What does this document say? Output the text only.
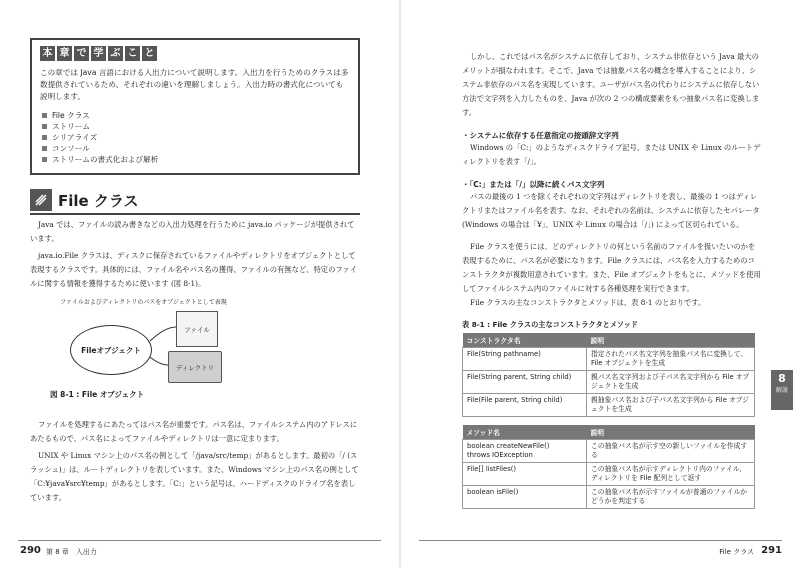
本 章 で 学 ぶ こ と
この章では Java 言語における入出力について説明します。入出力を行うためのクラスは多数提供されているため、それぞれの違いを理解しましょう。入出力時の書式化についても説明します。
File クラス
ストリーム
シリアライズ
コンソール
ストリームの書式化および解析
File クラス

Java では、ファイルの読み書きなどの入出力処理を行うために java.io パッケージが提供されています。

java.io.File クラスは、ディスクに保存されているファイルやディレクトリをオブジェクトとして表現するクラスです。具体的には、ファイル名やパス名の獲得、ファイルの有無など、特定のファイルに関する情報を獲得するために使います (図 8-1)。

ファイルおよびディレクトリのパスをオブジェクトとして表現
Fileオブジェクト
ファイル
ディレクトリ
図 8-1 : File オブジェクト

ファイルを処理するにあたってはパス名が重要です。パス名は、ファイルシステム内のアドレスにあたるもので、パス名によってファイルやディレクトリは一意に定まります。

UNIX や Linux マシン上のパス名の例として「/java/src/temp」があるとします。最初の「/ (スラッシュ)」は、ルートディレクトリを表しています。また、Windows マシン上のパス名の例として「C:¥java¥src¥temp」があるとします。「C:」という記号は、ハードディスクのドライブ名を表しています。

290 第 8 章　入出力

しかし、これではパス名がシステムに依存しており、システム非依存という Java 最大のメリットが損なわれます。そこで、Java では抽象パス名の概念を導入することにより、システム非依存のパス名を実現しています。ユーザがパス名の代わりにシステムに依存しない方法で文字列を入力したものを、Java が次の 2 つの構成要素をもつ抽象パス名に変換します。

・システムに依存する任意指定の接頭辞文字列

Windows の「C:」のようなディスクドライブ記号、または UNIX や Linux のルートディレクトリを表す「/」。

・「C:」または「/」以降に続くパス文字列

パスの最後の 1 つを除くそれぞれの文字列はディレクトリを表し、最後の 1 つはディレクトリまたはファイル名を表す。なお、それぞれの名前は、システムに依存したセパレータ (Windows の場合は「¥」、UNIX や Linux の場合は「/」) によって区切られている。

File クラスを使うには、どのディレクトリの何という名前のファイルを扱いたいのかを表現するために、パス名が必要になります。File クラスには、パス名を入力するためのコンストラクタが複数用意されています。また、File オブジェクトをもとに、メソッドを使用してファイルシステム内のファイルに対する各種処理を実行できます。

File クラスの主なコンストラクタとメソッドは、表 8-1 のとおりです。

表 8-1 : File クラスの主なコンストラクタとメソッド
コンストラクタ名	説明
File(String pathname)	指定されたパス名文字列を抽象パス名に変換して、File オブジェクトを生成
File(String parent, String child)	親パス名文字列および子パス名文字列から File オブジェクトを生成
File(File parent, String child)	親抽象パス名および子パス名文字列から File オブジェクトを生成
メソッド名	説明
boolean createNewFile()
throws IOException	この抽象パス名が示す空の新しいファイルを作成する
File[] listFiles()	この抽象パス名が示すディレクトリ内のファイル、ディレクトリを File 配列として返す
boolean isFile()	この抽象パス名が示すファイルが普通のファイルかどうかを判定する
8
解説
File クラス 291
